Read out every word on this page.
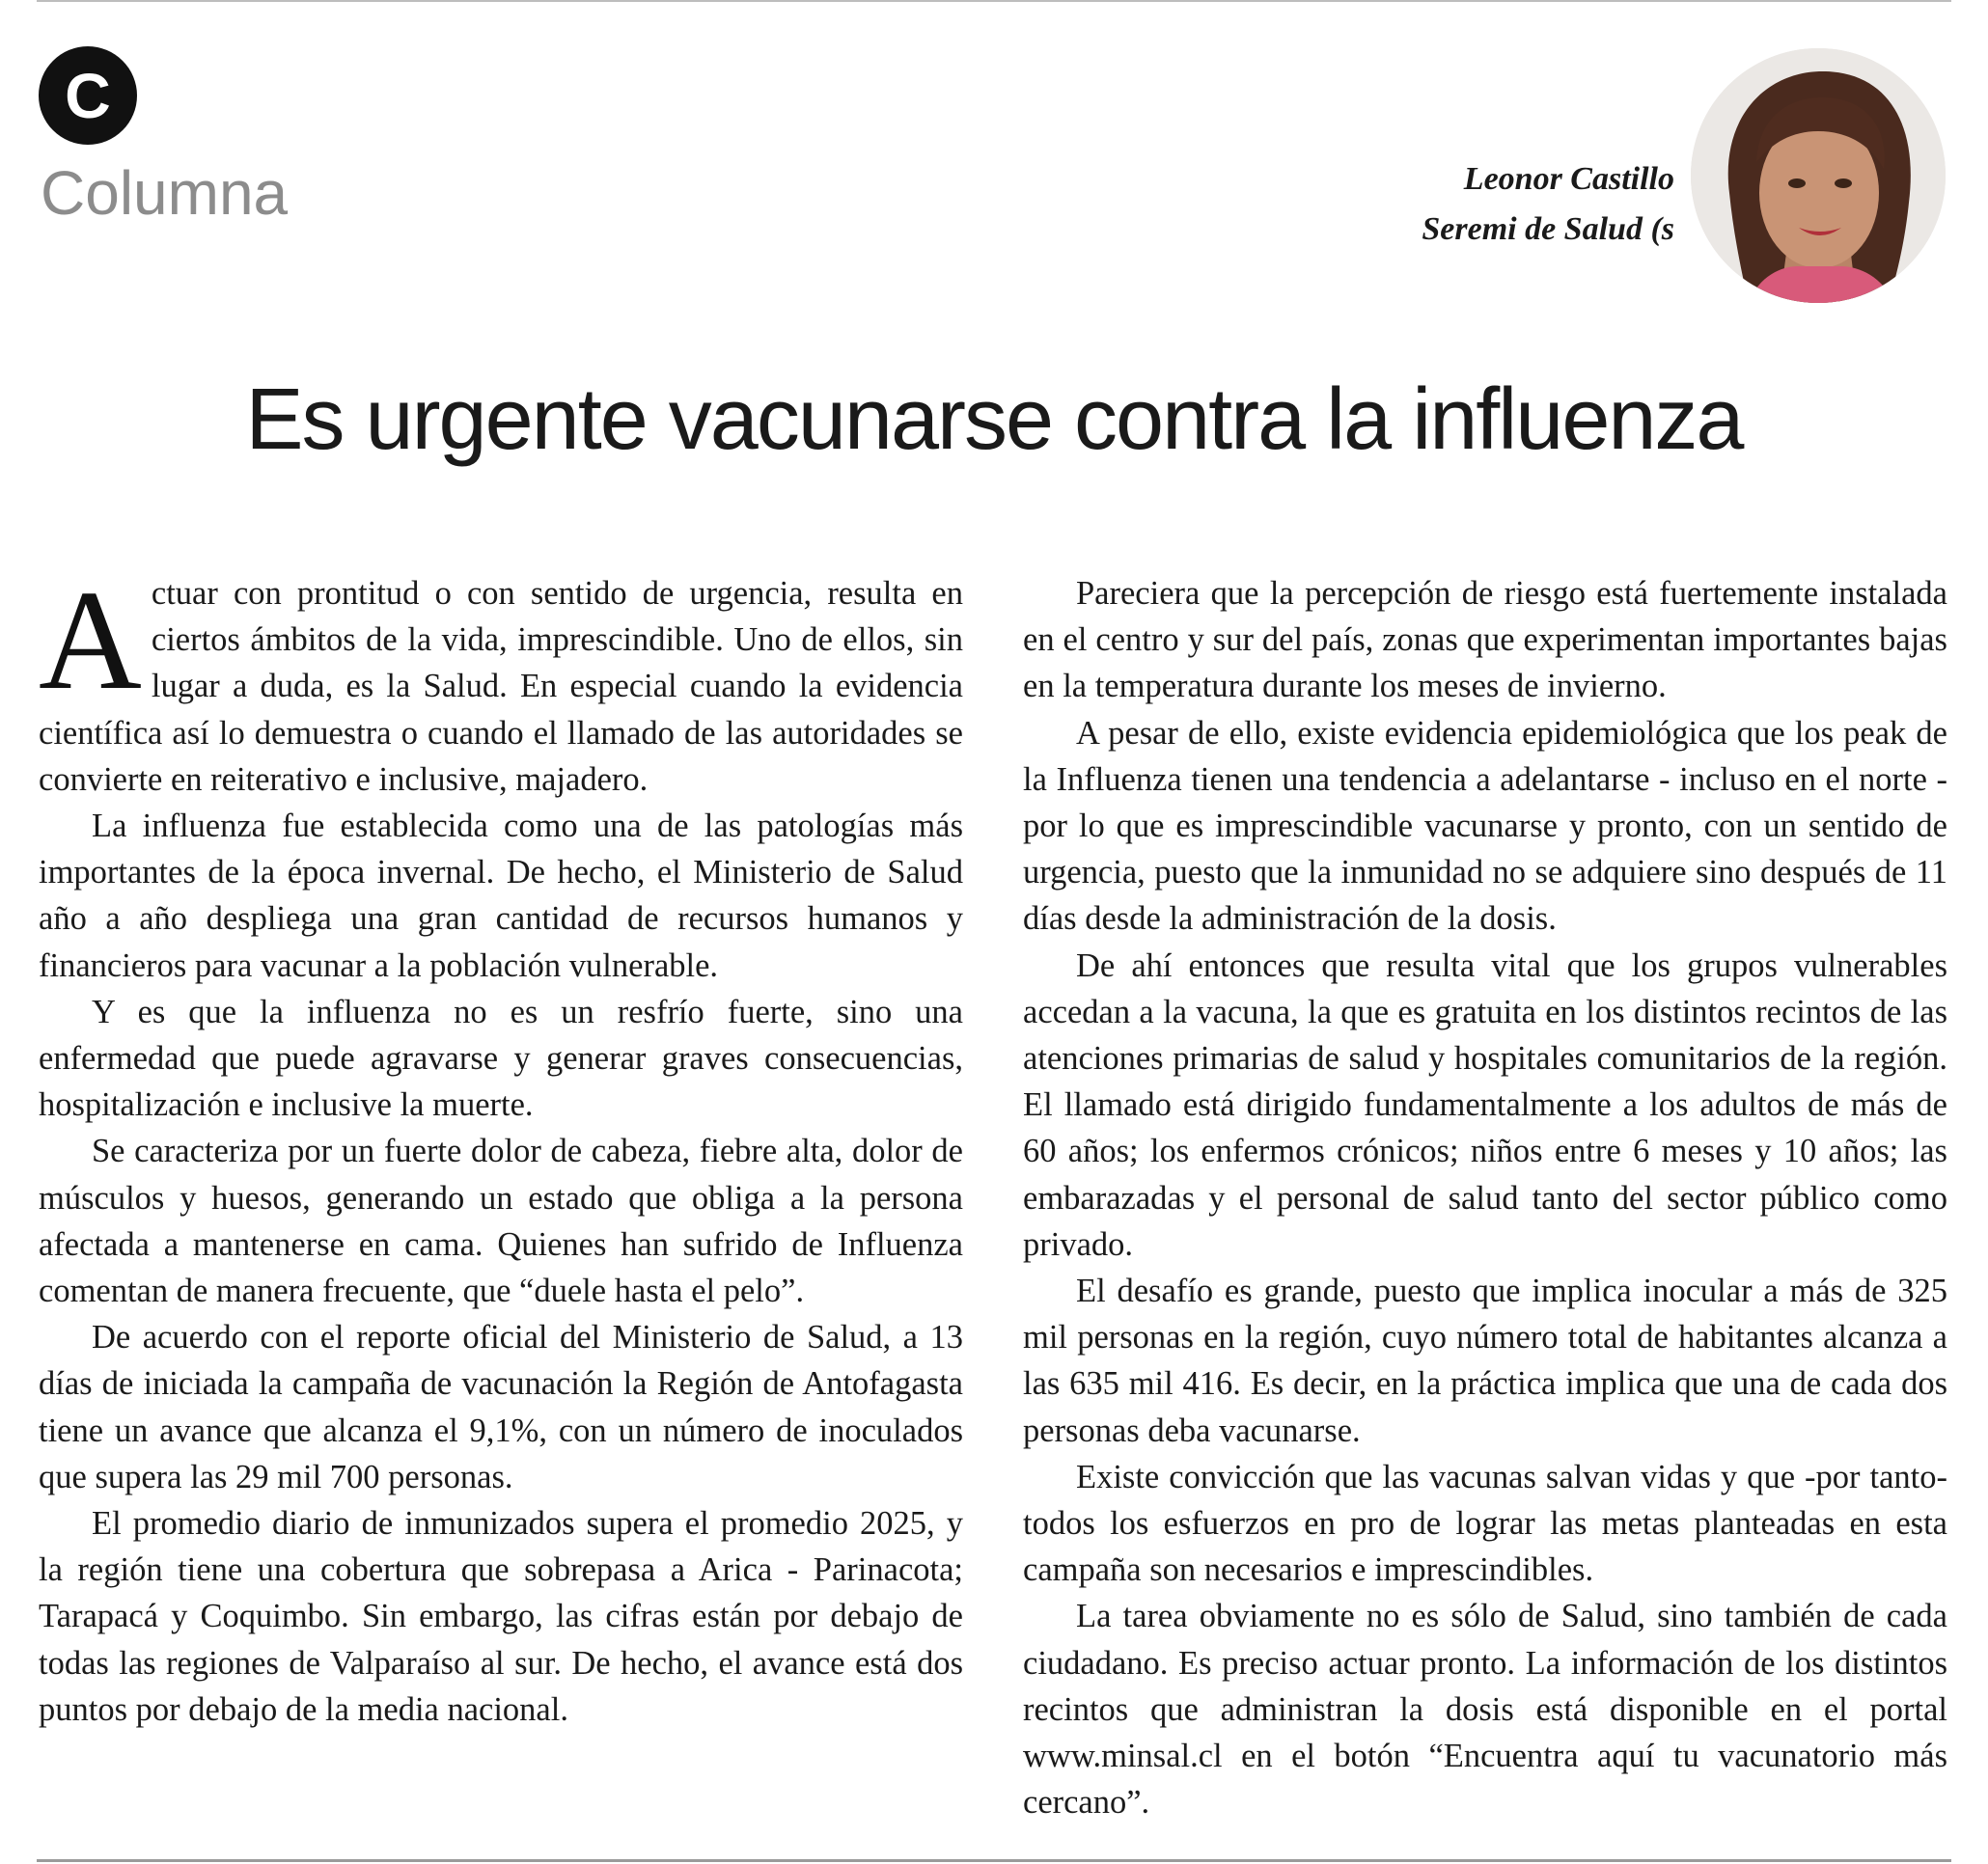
C
Columna	Leonor Castillo
Seremi de Salud (s
Es urgente vacunarse contra la influenza

Actuar con prontitud o con sentido de urgencia, resulta en ciertos ámbitos de la vida, imprescindible. Uno de ellos, sin lugar a duda, es la Salud. En especial cuando la evidencia científica así lo demuestra o cuando el llamado de las autoridades se convierte en reiterativo e inclusive, majadero.

La influenza fue establecida como una de las patologías más importantes de la época invernal. De hecho, el Ministerio de Salud año a año despliega una gran cantidad de recursos humanos y financieros para vacunar a la población vulnerable.

Y es que la influenza no es un resfrío fuerte, sino una enfermedad que puede agravarse y generar graves consecuencias, hospitalización e inclusive la muerte.

Se caracteriza por un fuerte dolor de cabeza, fiebre alta, dolor de músculos y huesos, generando un estado que obliga a la persona afectada a mantenerse en cama. Quienes han sufrido de Influenza comentan de manera frecuente, que “duele hasta el pelo”.

De acuerdo con el reporte oficial del Ministerio de Salud, a 13 días de iniciada la campaña de vacunación la Región de Antofagasta tiene un avance que alcanza el 9,1%, con un número de inoculados que supera las 29 mil 700 personas.

El promedio diario de inmunizados supera el promedio 2025, y la región tiene una cobertura que sobrepasa a Arica - Parinacota; Tarapacá y Coquimbo. Sin embargo, las cifras están por debajo de todas las regiones de Valparaíso al sur. De hecho, el avance está dos puntos por debajo de la media nacional.

Pareciera que la percepción de riesgo está fuertemente instalada en el centro y sur del país, zonas que experimentan importantes bajas en la temperatura durante los meses de invierno.

A pesar de ello, existe evidencia epidemiológica que los peak de la Influenza tienen una tendencia a adelantarse - incluso en el norte - por lo que es imprescindible vacunarse y pronto, con un sentido de urgencia, puesto que la inmunidad no se adquiere sino después de 11 días desde la administración de la dosis.

De ahí entonces que resulta vital que los grupos vulnerables accedan a la vacuna, la que es gratuita en los distintos recintos de las atenciones primarias de salud y hospitales comunitarios de la región. El llamado está dirigido fundamentalmente a los adultos de más de 60 años; los enfermos crónicos; niños entre 6 meses y 10 años; las embarazadas y el personal de salud tanto del sector público como privado.

El desafío es grande, puesto que implica inocular a más de 325 mil personas en la región, cuyo número total de habitantes alcanza a las 635 mil 416. Es decir, en la práctica implica que una de cada dos personas deba vacunarse.

Existe convicción que las vacunas salvan vidas y que -por tanto- todos los esfuerzos en pro de lograr las metas planteadas en esta campaña son necesarios e imprescindibles.

La tarea obviamente no es sólo de Salud, sino también de cada ciudadano. Es preciso actuar pronto. La información de los distintos recintos que administran la dosis está disponible en el portal www.minsal.cl en el botón “Encuentra aquí tu vacunatorio más cercano”.
